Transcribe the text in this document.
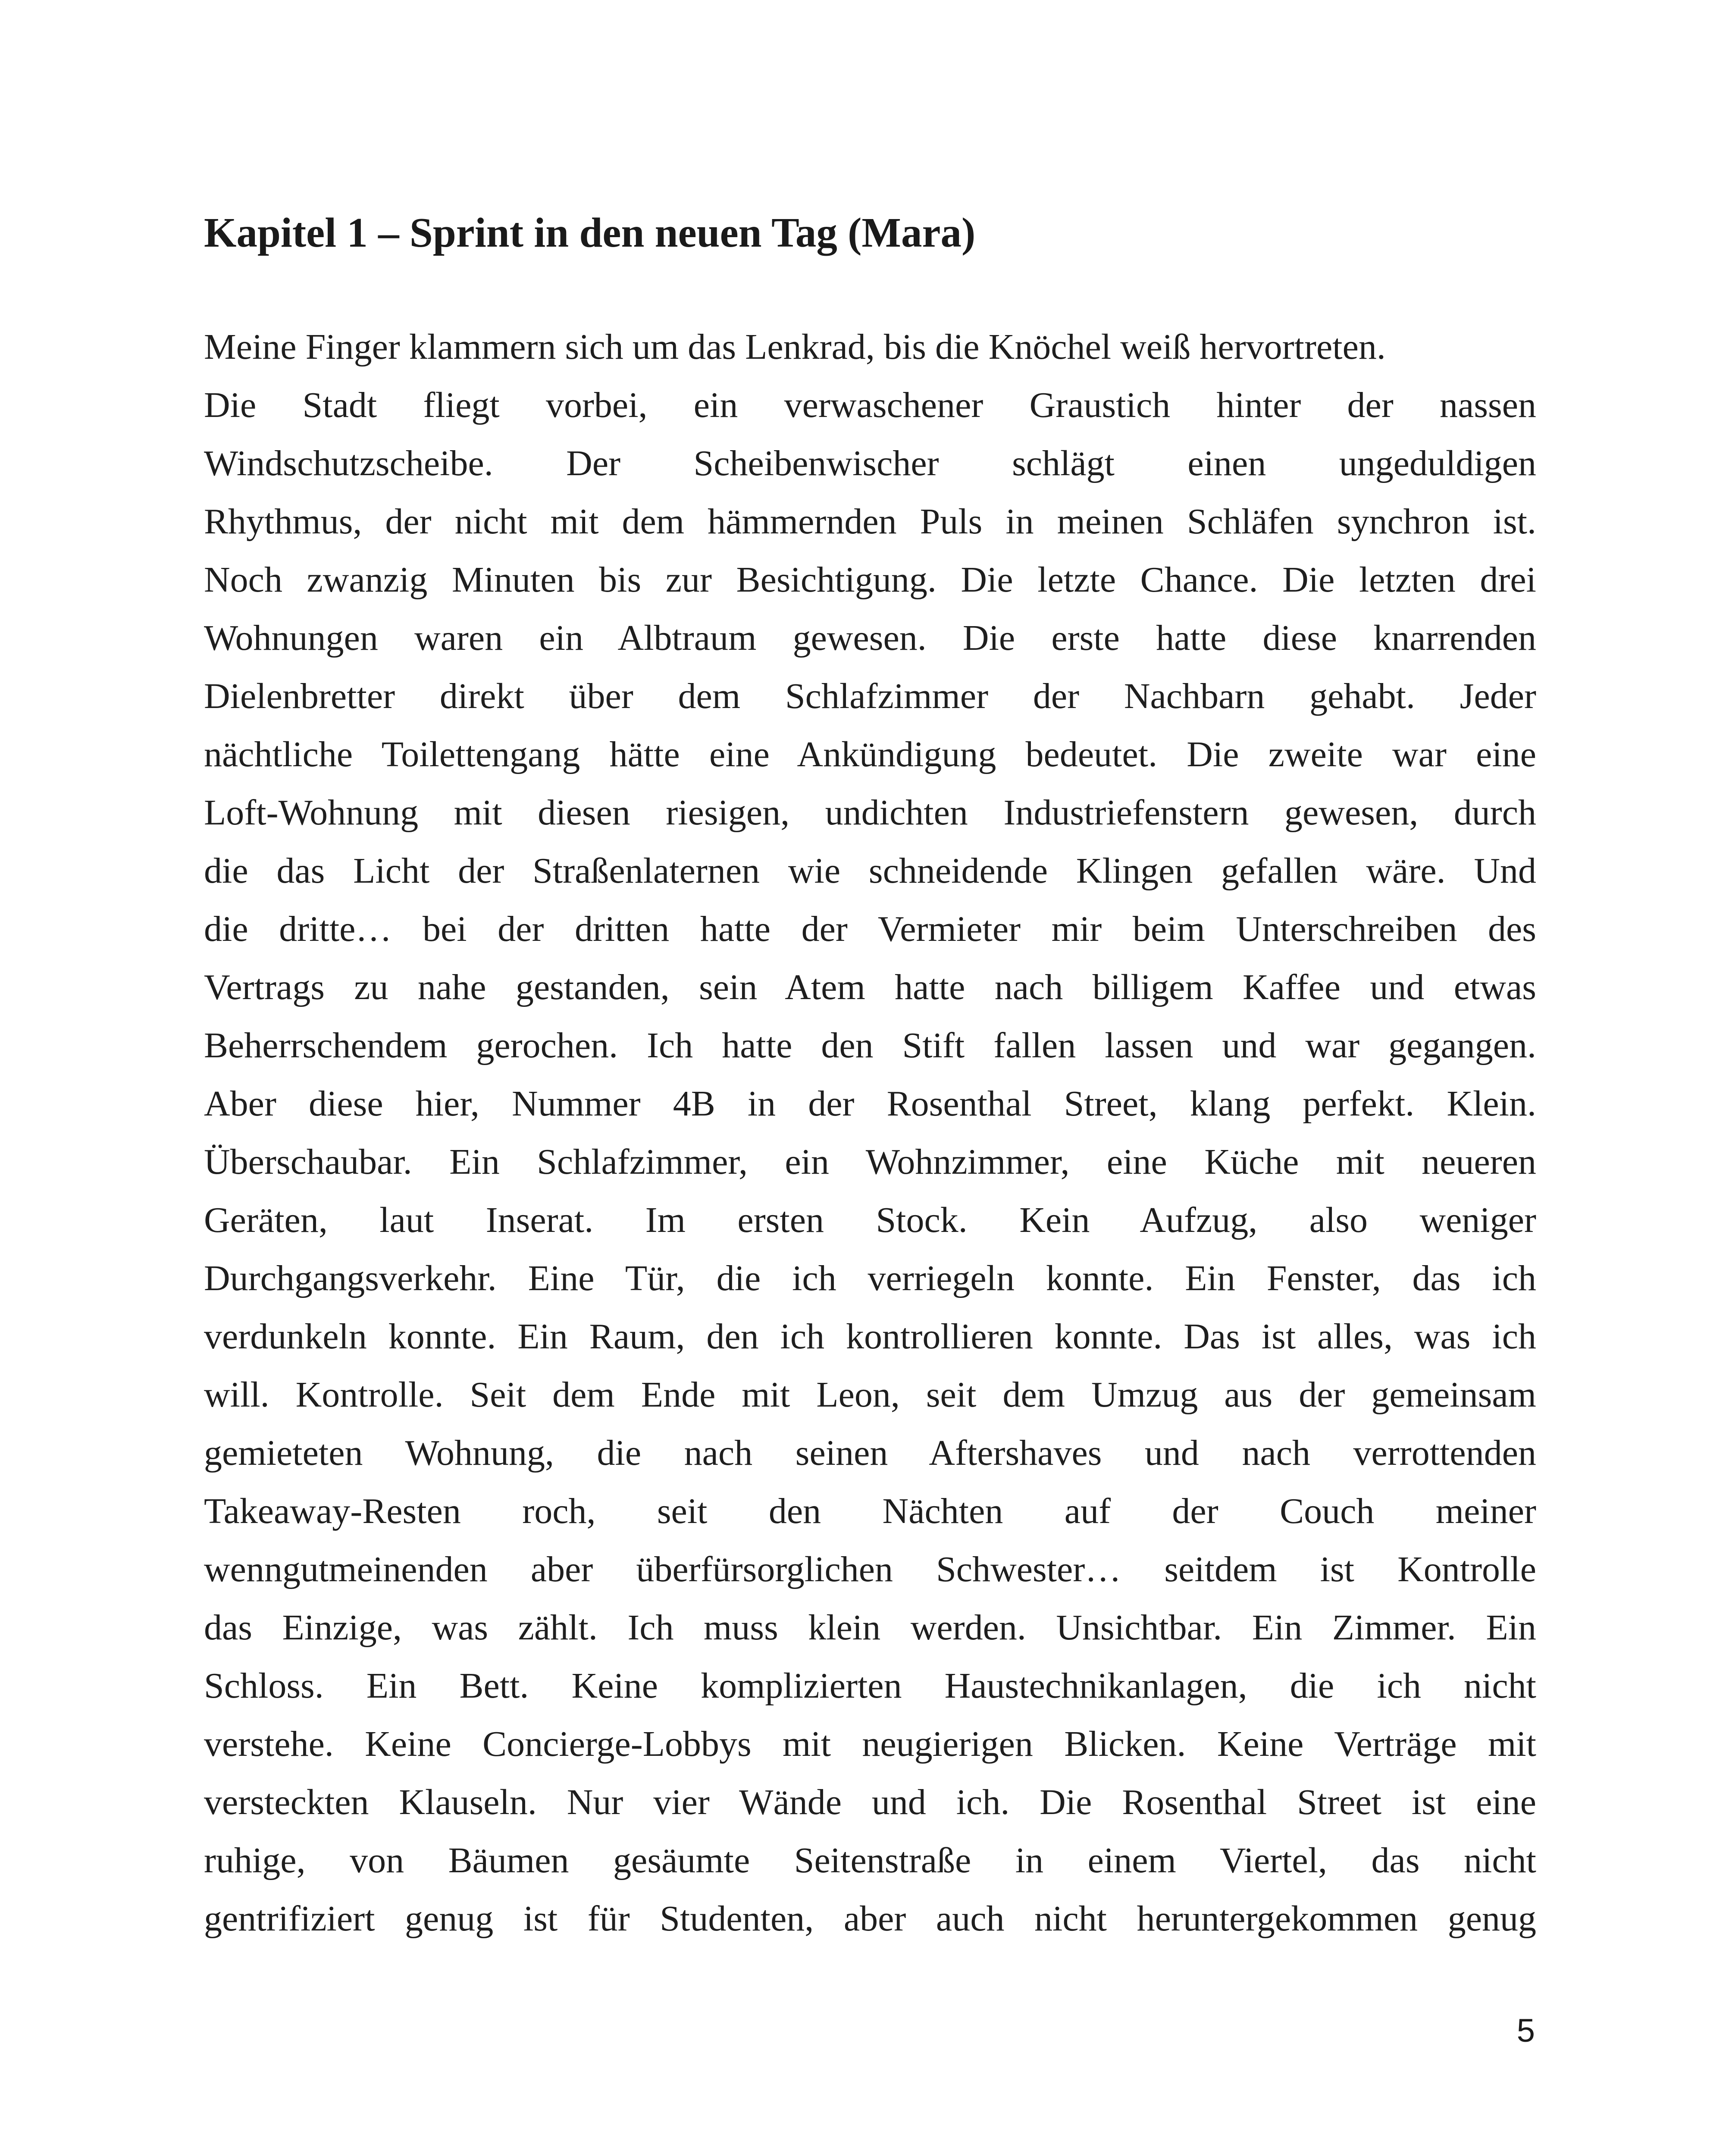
Kapitel 1 – Sprint in den neuen Tag (Mara)
Meine Finger klammern sich um das Lenkrad, bis die Knöchel weiß hervortreten.
Die Stadt fliegt vorbei, ein verwaschener Graustich hinter der nassen
Windschutzscheibe. Der Scheibenwischer schlägt einen ungeduldigen
Rhythmus, der nicht mit dem hämmernden Puls in meinen Schläfen synchron ist.
Noch zwanzig Minuten bis zur Besichtigung. Die letzte Chance. Die letzten drei
Wohnungen waren ein Albtraum gewesen. Die erste hatte diese knarrenden
Dielenbretter direkt über dem Schlafzimmer der Nachbarn gehabt. Jeder
nächtliche Toilettengang hätte eine Ankündigung bedeutet. Die zweite war eine
Loft-Wohnung mit diesen riesigen, undichten Industriefenstern gewesen, durch
die das Licht der Straßenlaternen wie schneidende Klingen gefallen wäre. Und
die dritte… bei der dritten hatte der Vermieter mir beim Unterschreiben des
Vertrags zu nahe gestanden, sein Atem hatte nach billigem Kaffee und etwas
Beherrschendem gerochen. Ich hatte den Stift fallen lassen und war gegangen.
Aber diese hier, Nummer 4B in der Rosenthal Street, klang perfekt. Klein.
Überschaubar. Ein Schlafzimmer, ein Wohnzimmer, eine Küche mit neueren
Geräten, laut Inserat. Im ersten Stock. Kein Aufzug, also weniger
Durchgangsverkehr. Eine Tür, die ich verriegeln konnte. Ein Fenster, das ich
verdunkeln konnte. Ein Raum, den ich kontrollieren konnte. Das ist alles, was ich
will. Kontrolle. Seit dem Ende mit Leon, seit dem Umzug aus der gemeinsam
gemieteten Wohnung, die nach seinen Aftershaves und nach verrottenden
Takeaway-Resten roch, seit den Nächten auf der Couch meiner
wenngutmeinenden aber überfürsorglichen Schwester… seitdem ist Kontrolle
das Einzige, was zählt. Ich muss klein werden. Unsichtbar. Ein Zimmer. Ein
Schloss. Ein Bett. Keine komplizierten Haustechnikanlagen, die ich nicht
verstehe. Keine Concierge-Lobbys mit neugierigen Blicken. Keine Verträge mit
versteckten Klauseln. Nur vier Wände und ich. Die Rosenthal Street ist eine
ruhige, von Bäumen gesäumte Seitenstraße in einem Viertel, das nicht
gentrifiziert genug ist für Studenten, aber auch nicht heruntergekommen genug
5
